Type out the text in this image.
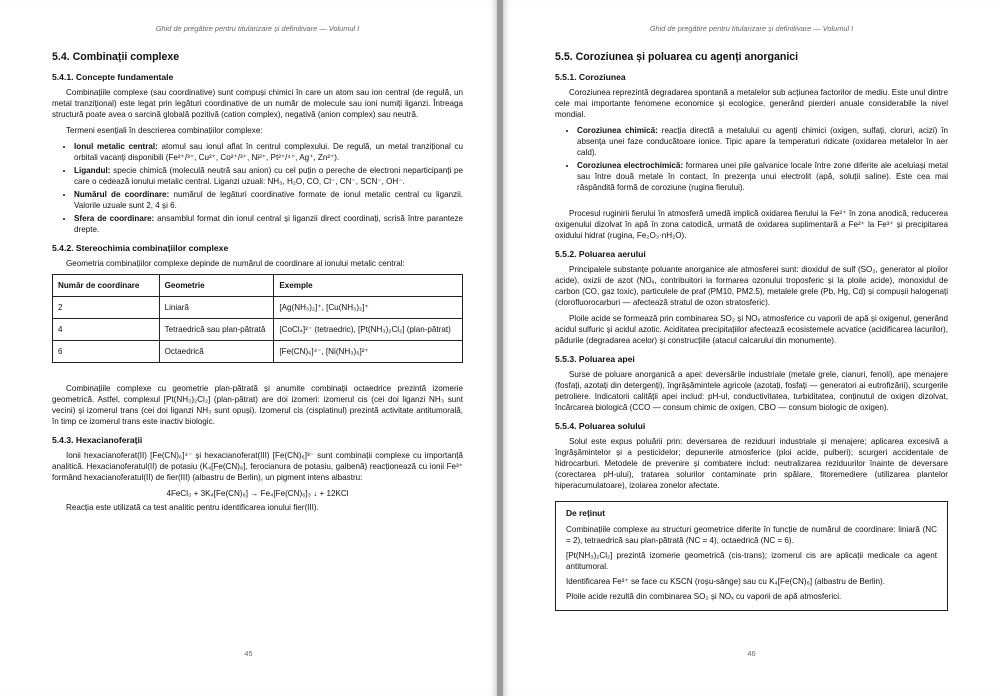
Ghid de pregătire pentru titularizare și definitivare — Volumul I
5.4. Combinații complexe
5.4.1. Concepte fundamentale

Combinațiile complexe (sau coordinative) sunt compuși chimici în care un atom sau ion central (de regulă, un metal tranzițional) este legat prin legături coordinative de un număr de molecule sau ioni numiți liganzi. Întreaga structură poate avea o sarcină globală pozitivă (cation complex), negativă (anion complex) sau neutră.

Termeni esențiali în descrierea combinațiilor complexe:

• Ionul metalic central: atomul sau ionul aflat în centrul complexului. De regulă, un metal tranzițional cu orbitali vacanți disponibili (Fe²⁺/³⁺, Cu²⁺, Co²⁺/³⁺, Ni²⁺, Pt²⁺/⁴⁺, Ag⁺, Zn²⁺).
• Ligandul: specie chimică (moleculă neutră sau anion) cu cel puțin o pereche de electroni neparticipanți pe care o cedează ionului metalic central. Liganzi uzuali: NH₃, H₂O, CO, Cl⁻, CN⁻, SCN⁻, OH⁻.
• Numărul de coordinare: numărul de legături coordinative formate de ionul metalic central cu liganzii. Valorile uzuale sunt 2, 4 și 6.
• Sfera de coordinare: ansamblul format din ionul central și liganzii direct coordinați, scrisă între paranteze drepte.
5.4.2. Stereochimia combinațiilor complexe

Geometria combinațiilor complexe depinde de numărul de coordinare al ionului metalic central:

Număr de coordinare	Geometrie	Exemple
2	Liniară	[Ag(NH₃)₂]⁺, [Cu(NH₃)₂]⁺
4	Tetraedrică sau plan-pătrată	[CoCl₄]²⁻ (tetraedric), [Pt(NH₃)₂Cl₂] (plan-pătrat)
6	Octaedrică	[Fe(CN)₆]⁴⁻, [Ni(NH₃)₆]²⁺

Combinațiile complexe cu geometrie plan-pătrată și anumite combinații octaedrice prezintă izomerie geometrică. Astfel, complexul [Pt(NH₃)₂Cl₂] (plan-pătrat) are doi izomeri: izomerul cis (cei doi liganzi NH₃ sunt vecini) și izomerul trans (cei doi liganzi NH₃ sunt opuși). Izomerul cis (cisplatinul) prezintă activitate antitumorală, în timp ce izomerul trans este inactiv biologic.

5.4.3. Hexacianoferații

Ionii hexacianoferat(II) [Fe(CN)₆]⁴⁻ și hexacianoferat(III) [Fe(CN)₆]³⁻ sunt combinații complexe cu importanță analitică. Hexacianoferatul(II) de potasiu (K₄[Fe(CN)₆], ferocianura de potasiu, galbenă) reacționează cu ionii Fe³⁺ formând hexacianoferatul(II) de fier(III) (albastru de Berlin), un pigment intens albastru:

4FeCl₃ + 3K₄[Fe(CN)₆] → Fe₄[Fe(CN)₆]₃ ↓ + 12KCl

Reacția este utilizată ca test analitic pentru identificarea ionului fier(III).

45
Ghid de pregătire pentru titularizare și definitivare — Volumul I
5.5. Coroziunea și poluarea cu agenți anorganici
5.5.1. Coroziunea

Coroziunea reprezintă degradarea spontană a metalelor sub acțiunea factorilor de mediu. Este unul dintre cele mai importante fenomene economice și ecologice, generând pierderi anuale considerabile la nivel mondial.

• Coroziunea chimică: reacția directă a metalului cu agenți chimici (oxigen, sulfați, cloruri, acizi) în absența unei faze conducătoare ionice. Tipic apare la temperaturi ridicate (oxidarea metalelor în aer cald).
• Coroziunea electrochimică: formarea unei pile galvanice locale între zone diferite ale aceluiași metal sau între două metale în contact, în prezența unui electrolit (apă, soluții saline). Este cea mai răspândită formă de coroziune (rugina fierului).

Procesul ruginirii fierului în atmosferă umedă implică oxidarea fierului la Fe²⁺ în zona anodică, reducerea oxigenului dizolvat în apă în zona catodică, urmată de oxidarea suplimentară a Fe²⁺ la Fe³⁺ și precipitarea oxidului hidrat (rugina, Fe₂O₃·nH₂O).

5.5.2. Poluarea aerului

Principalele substanțe poluante anorganice ale atmosferei sunt: dioxidul de sulf (SO₂, generator al ploilor acide), oxizii de azot (NOₓ, contribuitori la formarea ozonului troposferic și la ploile acide), monoxidul de carbon (CO, gaz toxic), particulele de praf (PM10, PM2.5), metalele grele (Pb, Hg, Cd) și compușii halogenați (clorofluorocarburi — afectează stratul de ozon stratosferic).

Ploile acide se formează prin combinarea SO₂ și NOₓ atmosferice cu vaporii de apă și oxigenul, generând acidul sulfuric și acidul azotic. Aciditatea precipitațiilor afectează ecosistemele acvatice (acidificarea lacurilor), pădurile (degradarea acelor) și construcțiile (atacul calcarului din monumente).

5.5.3. Poluarea apei

Surse de poluare anorganică a apei: deversările industriale (metale grele, cianuri, fenoli), ape menajere (fosfați, azotați din detergenți), îngrășămintele agricole (azotați, fosfați — generatori ai eutrofizării), scurgerile petroliere. Indicatorii calității apei includ: pH-ul, conductivitatea, turbiditatea, conținutul de oxigen dizolvat, încărcarea biologică (CCO — consum chimic de oxigen, CBO — consum biologic de oxigen).

5.5.4. Poluarea solului

Solul este expus poluării prin: deversarea de reziduuri industriale și menajere; aplicarea excesivă a îngrășămintelor și a pesticidelor; depunerile atmosferice (ploi acide, pulberi); scurgeri accidentale de hidrocarburi. Metodele de prevenire și combatere includ: neutralizarea reziduurilor înainte de deversare (corectarea pH-ului), tratarea solurilor contaminate prin spălare, fitoremediere (utilizarea plantelor hiperacumulatoare), izolarea zonelor afectate.

De reținut

Combinațiile complexe au structuri geometrice diferite în funcție de numărul de coordinare: liniară (NC = 2), tetraedrică sau plan-pătrată (NC = 4), octaedrică (NC = 6).

[Pt(NH₃)₂Cl₂] prezintă izomerie geometrică (cis-trans); izomerul cis are aplicații medicale ca agent antitumoral.

Identificarea Fe³⁺ se face cu KSCN (roșu-sânge) sau cu K₄[Fe(CN)₆] (albastru de Berlin).

Ploile acide rezultă din combinarea SO₂ și NOₓ cu vaporii de apă atmosferici.

46
